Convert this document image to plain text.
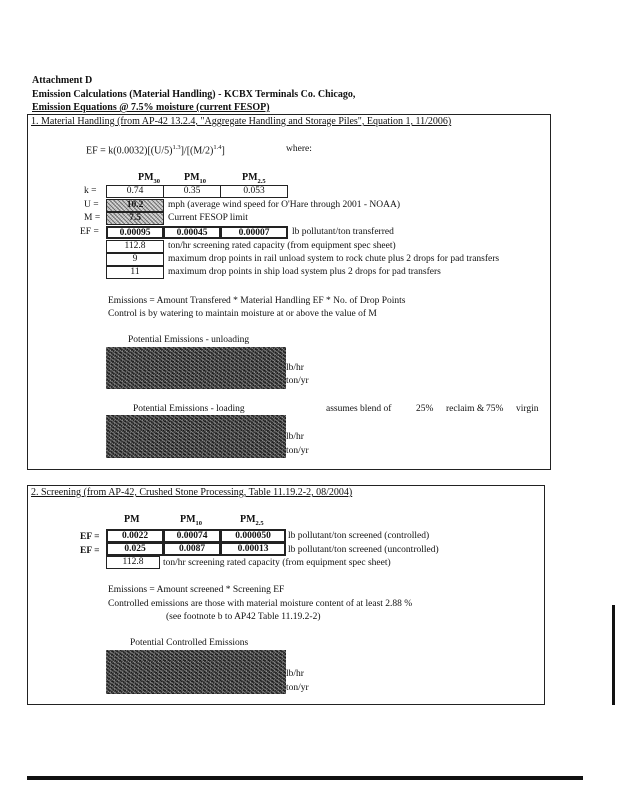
Attachment D
Emission Calculations (Material Handling) - KCBX Terminals Co. Chicago,
Emission Equations @ 7.5% moisture (current FESOP)
1. Material Handling (from AP-42 13.2.4, "Aggregate Handling and Storage Piles", Equation 1, 11/2006)
EF = $k(0.0032)[(U/5)^{1.3}]/[(M/2)^{1.4}]$	where:
$PM_{30}$ $PM_{10}$	$PM_{2.5}$
k =	0.74	0.35	0.053
U =	10.2	mph (average wind speed for O'Hare through 2001 - NOAA)
M =	7.5	Current FESOP limit
EF =	0.00095	0.00045	0.00007	lb pollutant/ton transferred
112.8	ton/hr screening rated capacity (from equipment spec sheet)
9	maximum drop points in rail unload system to rock chute plus 2 drops for pad transfers
11	maximum drop points in ship load system plus 2 drops for pad transfers
Emissions = Amount Transfered * Material Handling EF * No. of Drop Points
Control is by watering to maintain moisture at or above the value of M
Potential Emissions - unloading
lb/hr
ton/yr
Potential Emissions - loading	assumes blend of	25% reclaim & 75% virgin
lb/hr
ton/yr
2. Screening (from AP-42, Crushed Stone Processing, Table 11.19.2-2, 08/2004)
PM	$PM_{10}$	$PM_{2.5}$
EF =	0.0022	0.00074	0.000050	lb pollutant/ton screened (controlled)
EF =	0.025	0.0087	0.00013	lb pollutant/ton screened (uncontrolled)
112.8	ton/hr screening rated capacity (from equipment spec sheet)
Emissions = Amount screened * Screening EF
Controlled emissions are those with material moisture content of at least 2.88 %
(see footnote b to AP42 Table 11.19.2-2)
Potential Controlled Emissions
lb/hr
ton/yr
